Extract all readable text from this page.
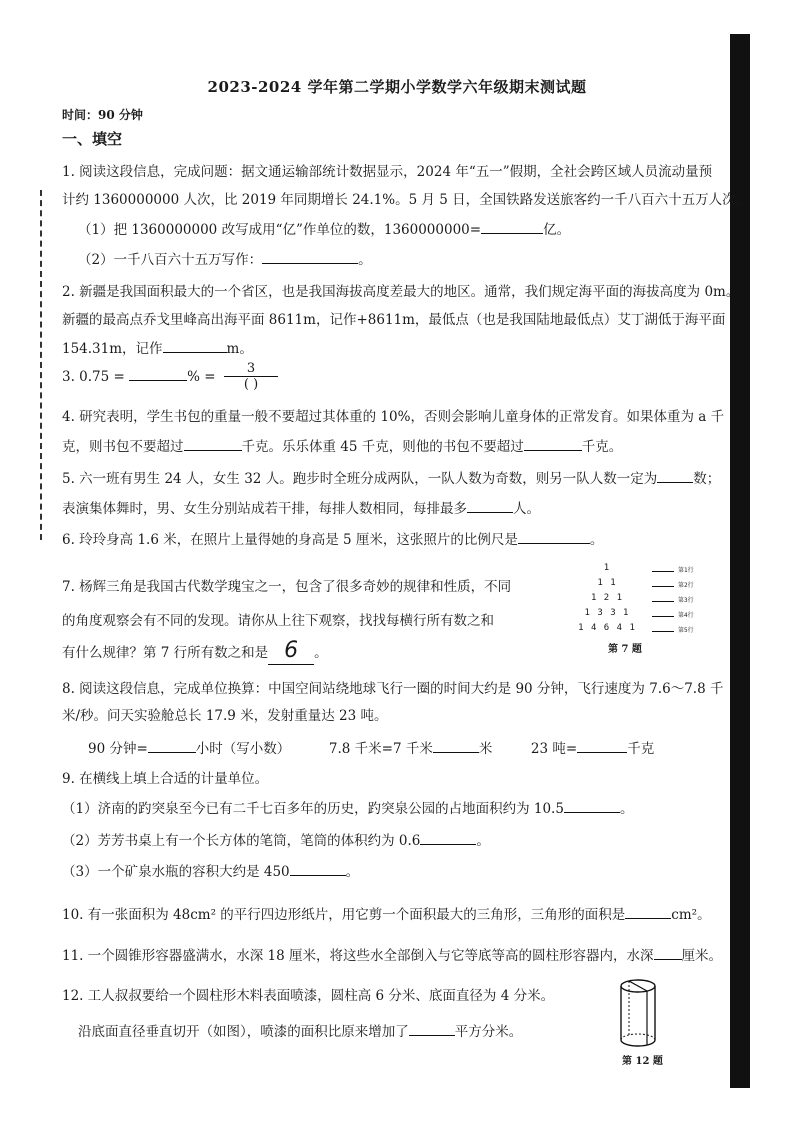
2023-2024 学年第二学期小学数学六年级期末测试题
时间：90 分钟
一、填空
1. 阅读这段信息，完成问题：据文通运输部统计数据显示，2024 年“五一”假期，全社会跨区域人员流动量预
计约 1360000000 人次，比 2019 年同期增长 24.1%。5 月 5 日，全国铁路发送旅客约一千八百六十五万人次。
（1）把 1360000000 改写成用“亿”作单位的数，1360000000=	亿。
（2）一千八百六十五万写作：	。
2. 新疆是我国面积最大的一个省区，也是我国海拔高度差最大的地区。通常，我们规定海平面的海拔高度为 0m。
新疆的最高点乔戈里峰高出海平面 8611m，记作+8611m，最低点（也是我国陆地最低点）艾丁湖低于海平面
154.31m，记作	m。
3. 0.75 =	% = $\frac{3}{( )}$
4. 研究表明，学生书包的重量一般不要超过其体重的 10%，否则会影响儿童身体的正常发育。如果体重为 a 千
克，则书包不要超过	千克。乐乐体重 45 千克，则他的书包不要超过	千克。
5. 六一班有男生 24 人，女生 32 人。跑步时全班分成两队，一队人数为奇数，则另一队人数一定为	数；
表演集体舞时，男、女生分别站成若干排，每排人数相同，每排最多	人。
6. 玲玲身高 1.6 米，在照片上量得她的身高是 5 厘米，这张照片的比例尺是	。
7. 杨辉三角是我国古代数学瑰宝之一，包含了很多奇妙的规律和性质，不同
的角度观察会有不同的发现。请你从上往下观察，找找每横行所有数之和
有什么规律？第 7 行所有数之和是 6 。
1
1 1
1 2 1
1 3 3 1
1 4 6 4 1
第1行
第2行
第3行
第4行
第5行
第 7 题
8. 阅读这段信息，完成单位换算：中国空间站绕地球飞行一圈的时间大约是 90 分钟，飞行速度为 7.6～7.8 千
米/秒。问天实验舱总长 17.9 米，发射重量达 23 吨。
90 分钟=	小时（写小数）	7.8 千米=7 千米	米	23 吨=	千克
9. 在横线上填上合适的计量单位。
（1）济南的趵突泉至今已有二千七百多年的历史，趵突泉公园的占地面积约为 10.5	。
（2）芳芳书桌上有一个长方体的笔筒，笔筒的体积约为 0.6	。
（3）一个矿泉水瓶的容积大约是 450	。
10. 有一张面积为 48cm² 的平行四边形纸片，用它剪一个面积最大的三角形，三角形的面积是	cm²。
11. 一个圆锥形容器盛满水，水深 18 厘米，将这些水全部倒入与它等底等高的圆柱形容器内，水深 厘米。
12. 工人叔叔要给一个圆柱形木料表面喷漆，圆柱高 6 分米、底面直径为 4 分米。
沿底面直径垂直切开（如图），喷漆的面积比原来增加了	平方分米。
第 12 题
